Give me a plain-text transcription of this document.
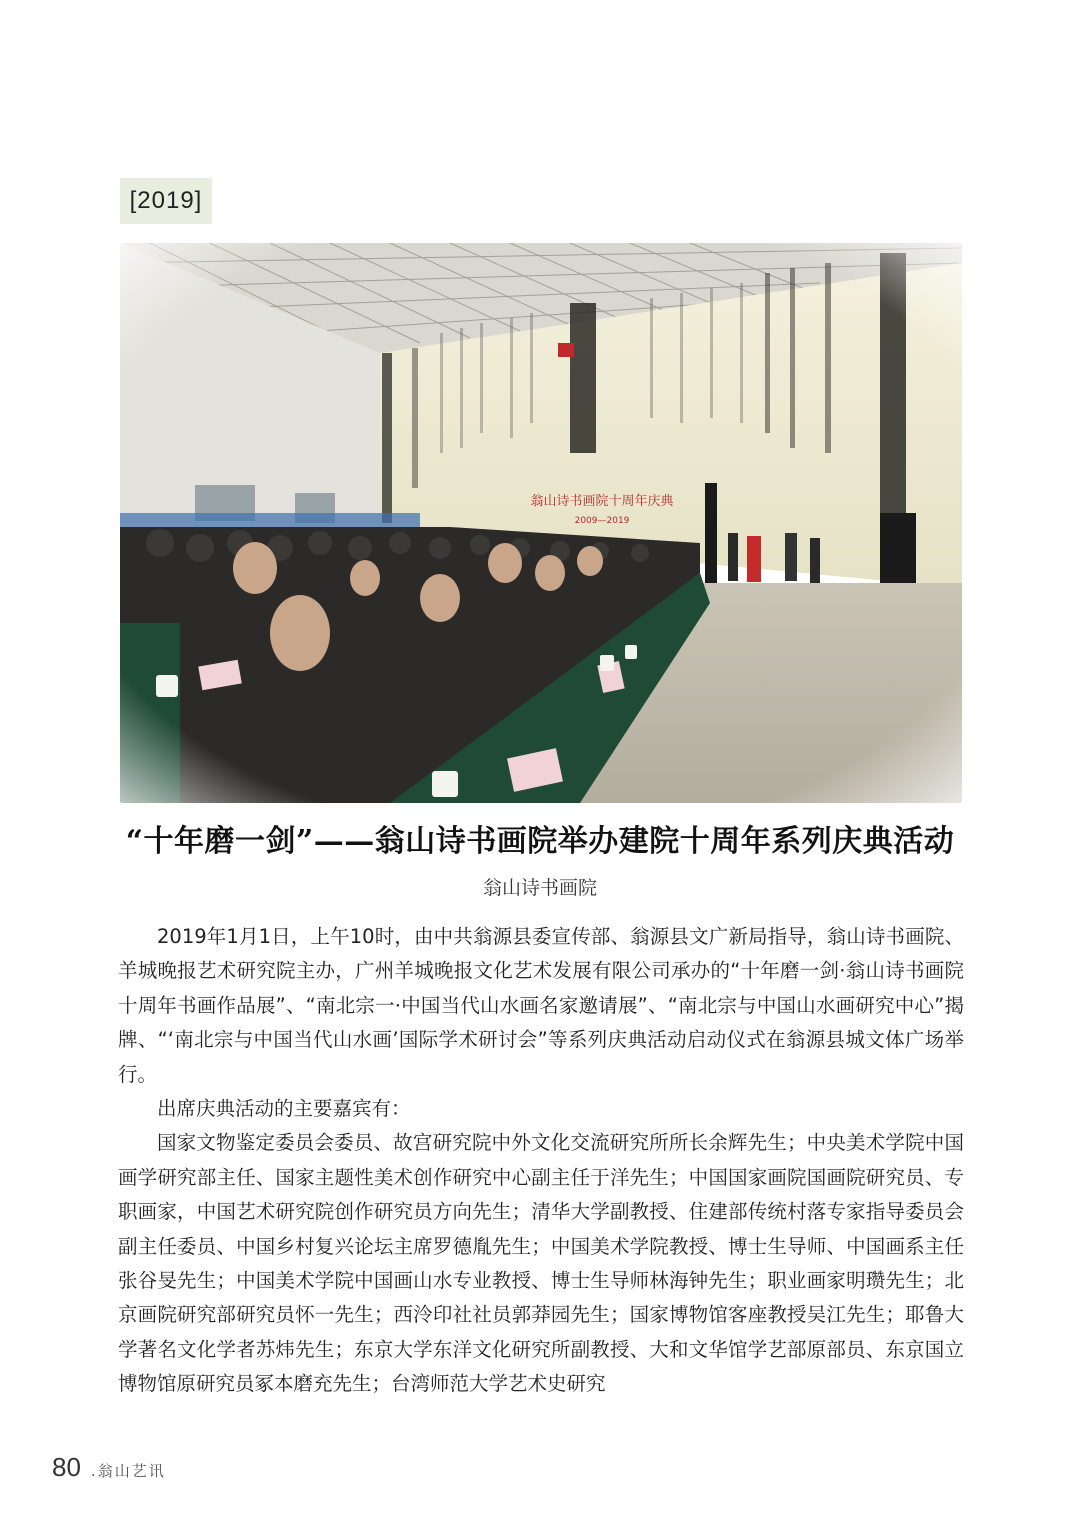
[2019]
“十年磨一剑”——翁山诗书画院举办建院十周年系列庆典活动
翁山诗书画院

2019年1月1日，上午10时，由中共翁源县委宣传部、翁源县文广新局指导，翁山诗书画院、羊城晚报艺术研究院主办，广州羊城晚报文化艺术发展有限公司承办的“十年磨一剑·翁山诗书画院十周年书画作品展”、“南北宗一·中国当代山水画名家邀请展”、“南北宗与中国山水画研究中心”揭牌、“‘南北宗与中国当代山水画’国际学术研讨会”等系列庆典活动启动仪式在翁源县城文体广场举行。

出席庆典活动的主要嘉宾有：

国家文物鉴定委员会委员、故宫研究院中外文化交流研究所所长余辉先生；中央美术学院中国画学研究部主任、国家主题性美术创作研究中心副主任于洋先生；中国国家画院国画院研究员、专职画家，中国艺术研究院创作研究员方向先生；清华大学副教授、住建部传统村落专家指导委员会副主任委员、中国乡村复兴论坛主席罗德胤先生；中国美术学院教授、博士生导师、中国画系主任张谷旻先生；中国美术学院中国画山水专业教授、博士生导师林海钟先生；职业画家明瓒先生；北京画院研究部研究员怀一先生；西泠印社社员郭莽园先生；国家博物馆客座教授吴江先生；耶鲁大学著名文化学者苏炜先生；东京大学东洋文化研究所副教授、大和文华馆学艺部原部员、东京国立博物馆原研究员冢本磨充先生；台湾师范大学艺术史研究

80 .翁山艺讯
